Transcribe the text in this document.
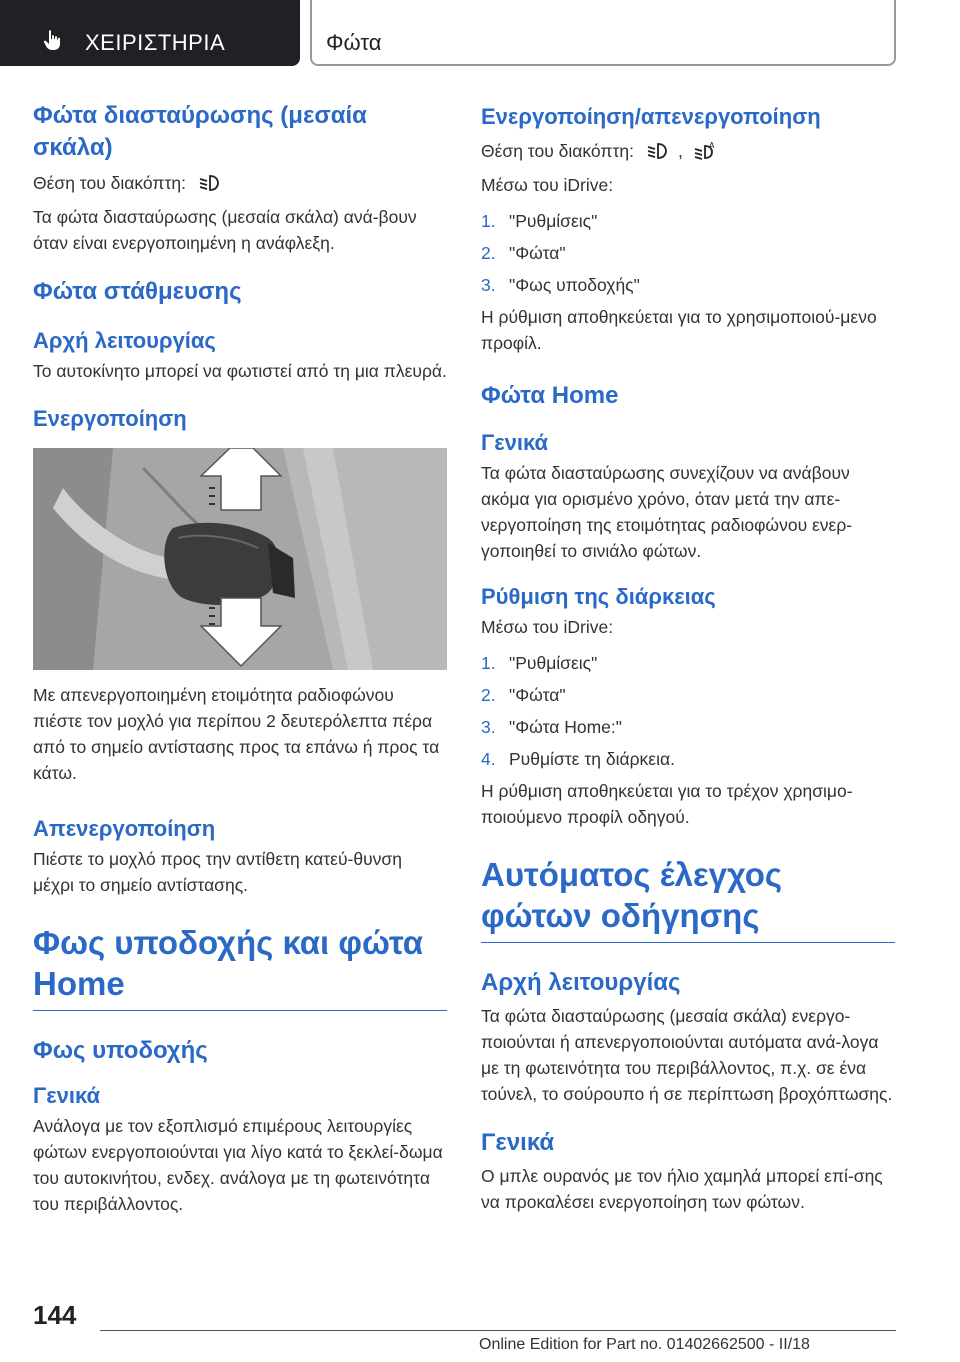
ΧΕΙΡΙΣΤΗΡΙΑ	Φώτα
Φώτα διασταύρωσης (μεσαία σκάλα)
Θέση του διακόπτη:
Τα φώτα διασταύρωσης (μεσαία σκάλα) ανά-βουν όταν είναι ενεργοποιημένη η ανάφλεξη.
Φώτα στάθμευσης
Αρχή λειτουργίας
Το αυτοκίνητο μπορεί να φωτιστεί από τη μια πλευρά.
Ενεργοποίηση
Με απενεργοποιημένη ετοιμότητα ραδιοφώνου πιέστε τον μοχλό για περίπου 2 δευτερόλεπτα πέρα από το σημείο αντίστασης προς τα επάνω ή προς τα κάτω.
Απενεργοποίηση
Πιέστε το μοχλό προς την αντίθετη κατεύ-θυνση μέχρι το σημείο αντίστασης.
Φως υποδοχής και φώτα Home
Φως υποδοχής
Γενικά
Ανάλογα με τον εξοπλισμό επιμέρους λειτουργίες φώτων ενεργοποιούνται για λίγο κατά το ξεκλεί-δωμα του αυτοκινήτου, ενδεχ. ανάλογα με τη φωτεινότητα του περιβάλλοντος.
Ενεργοποίηση/απενεργοποίηση
Θέση του διακόπτη:	,	A
Μέσω του iDrive:
1. "Ρυθμίσεις"
2. "Φώτα"
3. "Φως υποδοχής"
Η ρύθμιση αποθηκεύεται για το χρησιμοποιού-μενο προφίλ.
Φώτα Home
Γενικά
Τα φώτα διασταύρωσης συνεχίζουν να ανάβουν ακόμα για ορισμένο χρόνο, όταν μετά την απε-νεργοποίηση της ετοιμότητας ραδιοφώνου ενερ-γοποιηθεί το σινιάλο φώτων.
Ρύθμιση της διάρκειας
Μέσω του iDrive:
1. "Ρυθμίσεις"
2. "Φώτα"
3. "Φώτα Home:"
4. Ρυθμίστε τη διάρκεια.
Η ρύθμιση αποθηκεύεται για το τρέχον χρησιμο-ποιούμενο προφίλ οδηγού.
Αυτόματος έλεγχος φώτων οδήγησης
Αρχή λειτουργίας
Τα φώτα διασταύρωσης (μεσαία σκάλα) ενεργο-ποιούνται ή απενεργοποιούνται αυτόματα ανά-λογα με τη φωτεινότητα του περιβάλλοντος, π.χ. σε ένα τούνελ, το σούρουπο ή σε περίπτωση βροχόπτωσης.
Γενικά
Ο μπλε ουρανός με τον ήλιο χαμηλά μπορεί επί-σης να προκαλέσει ενεργοποίηση των φώτων.
144
Online Edition for Part no. 01402662500 - II/18
